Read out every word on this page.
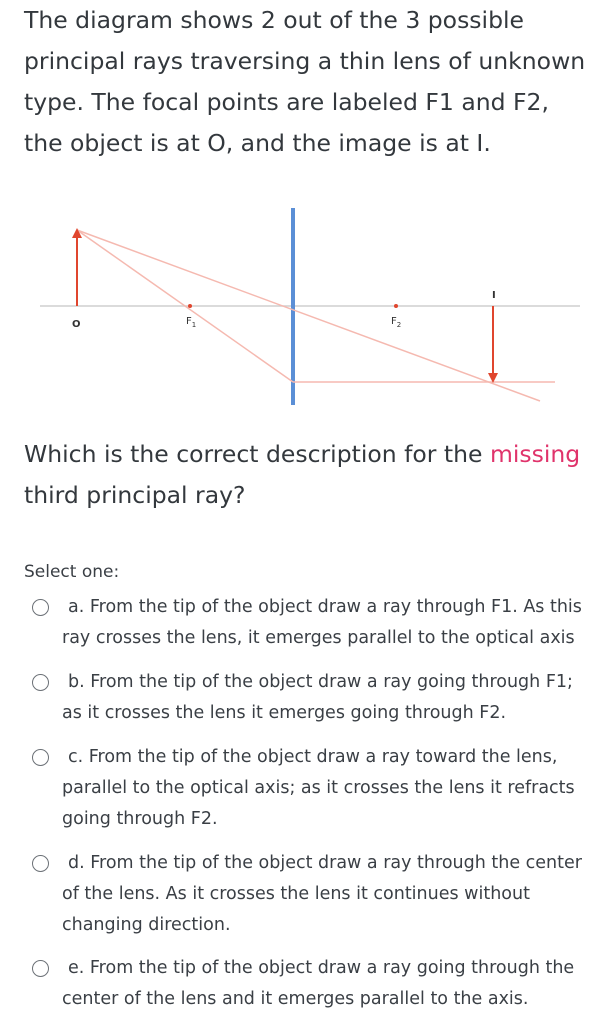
The diagram shows 2 out of the 3 possible principal rays traversing a thin lens of unknown type. The focal points are labeled F1 and F2, the object is at O, and the image is at I.

O
I
$F_1$	$F_2$

Which is the correct description for the missing third principal ray?

Select one:
a. From the tip of the object draw a ray through F1. As this ray crosses the lens, it emerges parallel to the optical axis
b. From the tip of the object draw a ray going through F1; as it crosses the lens it emerges going through F2.
c. From the tip of the object draw a ray toward the lens, parallel to the optical axis; as it crosses the lens it refracts going through F2.
d. From the tip of the object draw a ray through the center of the lens. As it crosses the lens it continues without changing direction.
e. From the tip of the object draw a ray going through the center of the lens and it emerges parallel to the axis.
